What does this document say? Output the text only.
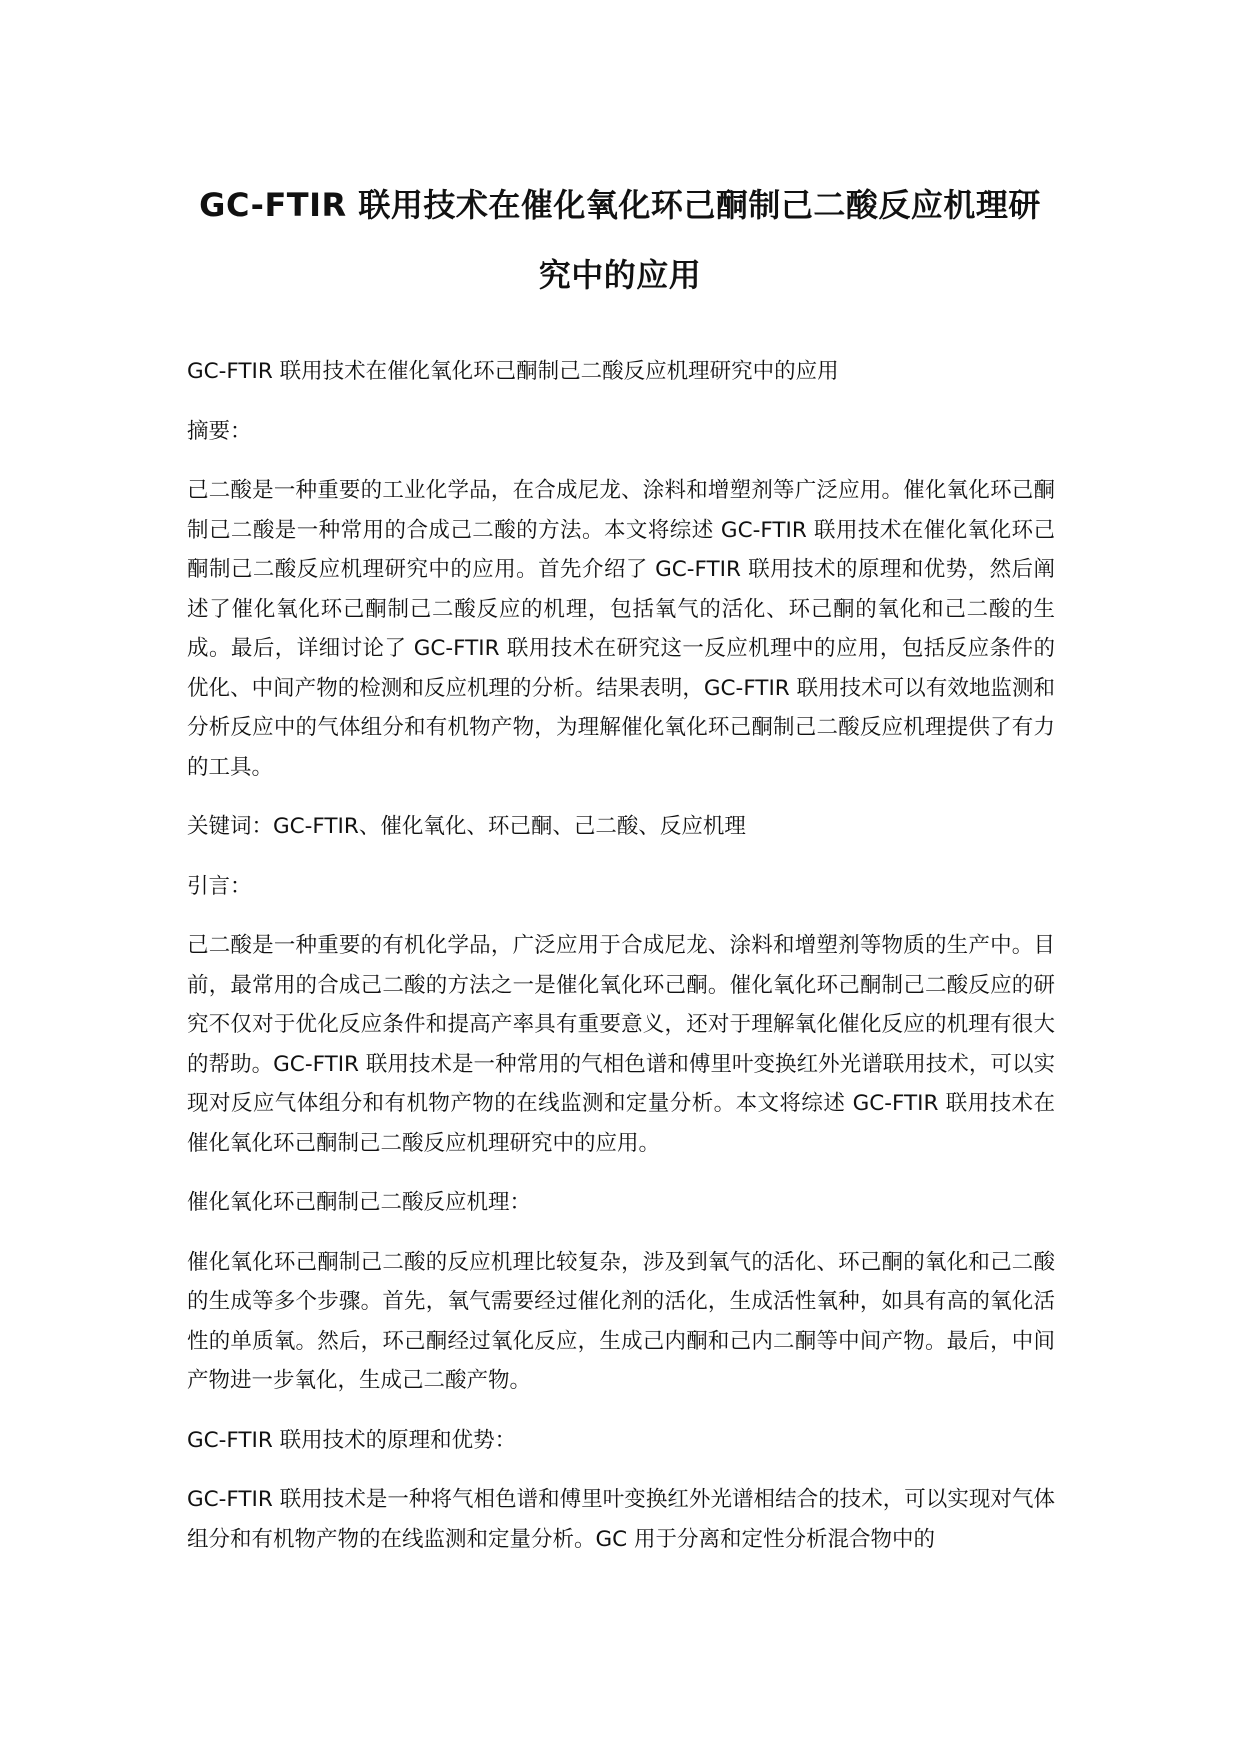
GC-FTIR 联用技术在催化氧化环己酮制己二酸反应机理研
究中的应用

GC-FTIR 联用技术在催化氧化环己酮制己二酸反应机理研究中的应用

摘要：

己二酸是一种重要的工业化学品，在合成尼龙、涂料和增塑剂等广泛应用。催化氧化环己酮制己二酸是一种常用的合成己二酸的方法。本文将综述 GC-FTIR 联用技术在催化氧化环己酮制己二酸反应机理研究中的应用。首先介绍了 GC-FTIR 联用技术的原理和优势，然后阐述了催化氧化环己酮制己二酸反应的机理，包括氧气的活化、环己酮的氧化和己二酸的生成。最后，详细讨论了 GC-FTIR 联用技术在研究这一反应机理中的应用，包括反应条件的优化、中间产物的检测和反应机理的分析。结果表明，GC-FTIR 联用技术可以有效地监测和分析反应中的气体组分和有机物产物，为理解催化氧化环己酮制己二酸反应机理提供了有力的工具。

关键词：GC-FTIR、催化氧化、环己酮、己二酸、反应机理

引言：

己二酸是一种重要的有机化学品，广泛应用于合成尼龙、涂料和增塑剂等物质的生产中。目前，最常用的合成己二酸的方法之一是催化氧化环己酮。催化氧化环己酮制己二酸反应的研究不仅对于优化反应条件和提高产率具有重要意义，还对于理解氧化催化反应的机理有很大的帮助。GC-FTIR 联用技术是一种常用的气相色谱和傅里叶变换红外光谱联用技术，可以实现对反应气体组分和有机物产物的在线监测和定量分析。本文将综述 GC-FTIR 联用技术在催化氧化环己酮制己二酸反应机理研究中的应用。

催化氧化环己酮制己二酸反应机理：

催化氧化环己酮制己二酸的反应机理比较复杂，涉及到氧气的活化、环己酮的氧化和己二酸的生成等多个步骤。首先，氧气需要经过催化剂的活化，生成活性氧种，如具有高的氧化活性的单质氧。然后，环己酮经过氧化反应，生成己内酮和己内二酮等中间产物。最后，中间产物进一步氧化，生成己二酸产物。

GC-FTIR 联用技术的原理和优势：

GC-FTIR 联用技术是一种将气相色谱和傅里叶变换红外光谱相结合的技术，可以实现对气体组分和有机物产物的在线监测和定量分析。GC 用于分离和定性分析混合物中的
